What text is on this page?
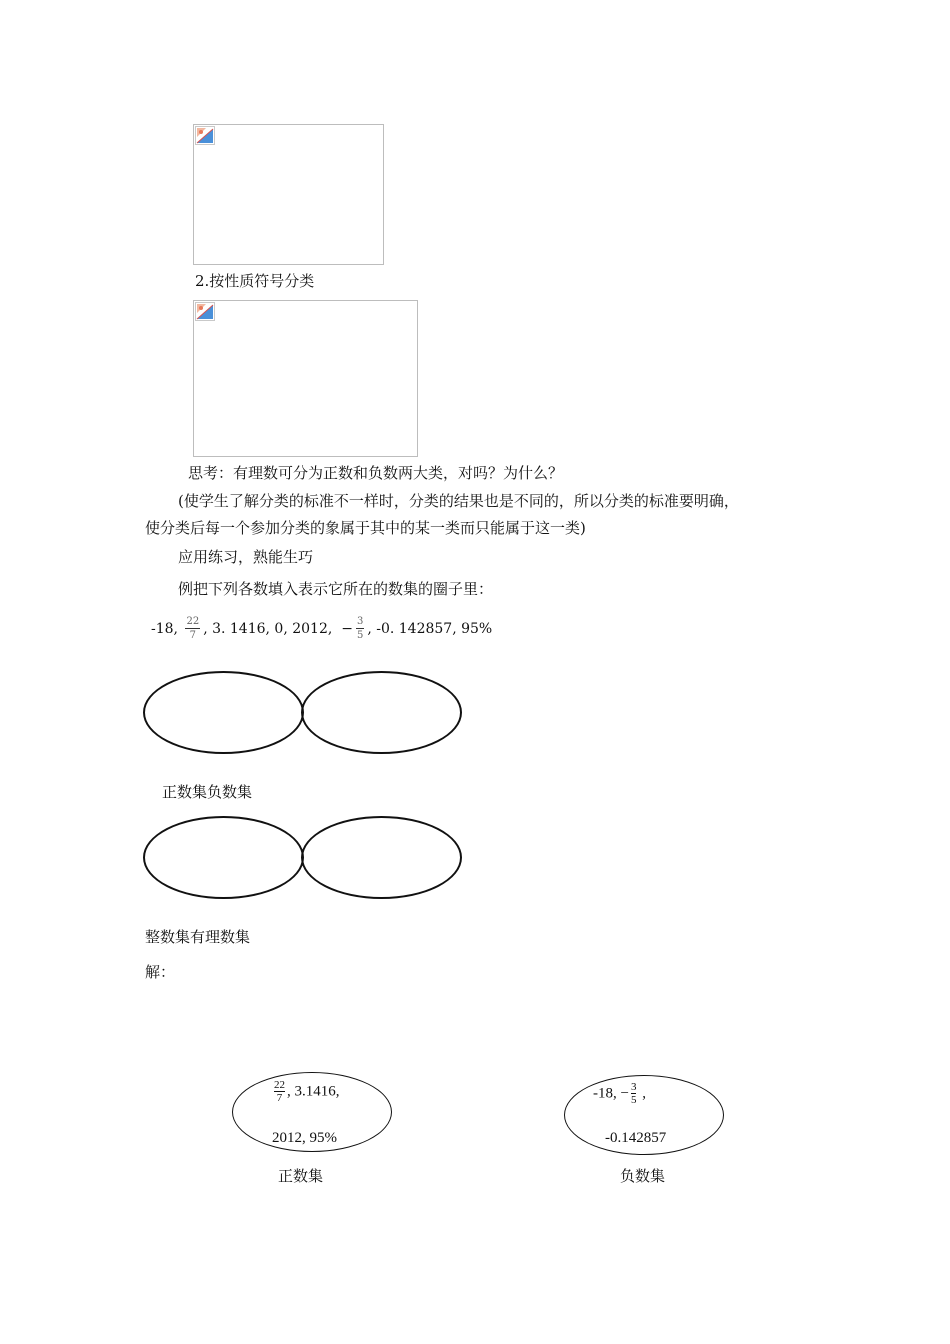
2.按性质符号分类
思考：有理数可分为正数和负数两大类，对吗？为什么？
(使学生了解分类的标准不一样时，分类的结果也是不同的，所以分类的标准要明确，
使分类后每一个参加分类的象属于其中的某一类而只能属于这一类)
应用练习，熟能生巧
例把下列各数填入表示它所在的数集的圈子里：
-18, $\frac{22}{7}$ , 3. 1416, 0, 2012, − $\frac{3}{5}$ , -0. 142857, 95%
正数集负数集
整数集有理数集
解：
$\frac{22}{7}$ , 3.1416,
2012, 95%
正数集
-18, − $\frac{3}{5}$ ,
-0.142857
负数集
